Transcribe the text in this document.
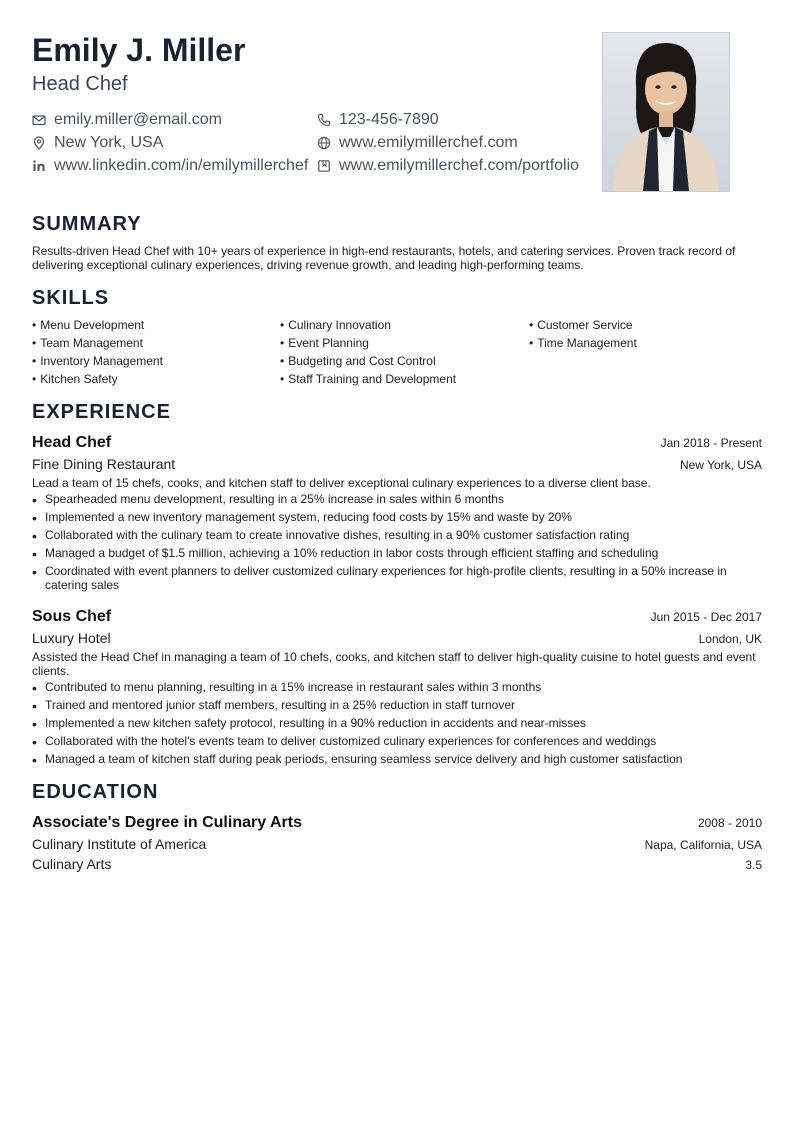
Emily J. Miller
Head Chef
emily.miller@email.com	123-456-7890
New York, USA	www.emilymillerchef.com
www.linkedin.com/in/emilymillerchef www.emilymillerchef.com/portfolio
SUMMARY

Results-driven Head Chef with 10+ years of experience in high-end restaurants, hotels, and catering services. Proven track record of delivering exceptional culinary experiences, driving revenue growth, and leading high-performing teams.

SKILLS
• Menu Development	• Culinary Innovation	• Customer Service
• Team Management	• Event Planning	• Time Management
• Inventory Management	• Budgeting and Cost Control
• Kitchen Safety	• Staff Training and Development
EXPERIENCE
Head Chef	Jan 2018 - Present
Fine Dining Restaurant	New York, USA
Lead a team of 15 chefs, cooks, and kitchen staff to deliver exceptional culinary experiences to a diverse client base.
• Spearheaded menu development, resulting in a 25% increase in sales within 6 months
• Implemented a new inventory management system, reducing food costs by 15% and waste by 20%
• Collaborated with the culinary team to create innovative dishes, resulting in a 90% customer satisfaction rating
• Managed a budget of $1.5 million, achieving a 10% reduction in labor costs through efficient staffing and scheduling
• Coordinated with event planners to deliver customized culinary experiences for high-profile clients, resulting in a 50% increase in catering sales
Sous Chef	Jun 2015 - Dec 2017
Luxury Hotel	London, UK
Assisted the Head Chef in managing a team of 10 chefs, cooks, and kitchen staff to deliver high-quality cuisine to hotel guests and event clients.
• Contributed to menu planning, resulting in a 15% increase in restaurant sales within 3 months
• Trained and mentored junior staff members, resulting in a 25% reduction in staff turnover
• Implemented a new kitchen safety protocol, resulting in a 90% reduction in accidents and near-misses
• Collaborated with the hotel's events team to deliver customized culinary experiences for conferences and weddings
• Managed a team of kitchen staff during peak periods, ensuring seamless service delivery and high customer satisfaction
EDUCATION
Associate's Degree in Culinary Arts	2008 - 2010
Culinary Institute of America	Napa, California, USA
Culinary Arts	3.5
